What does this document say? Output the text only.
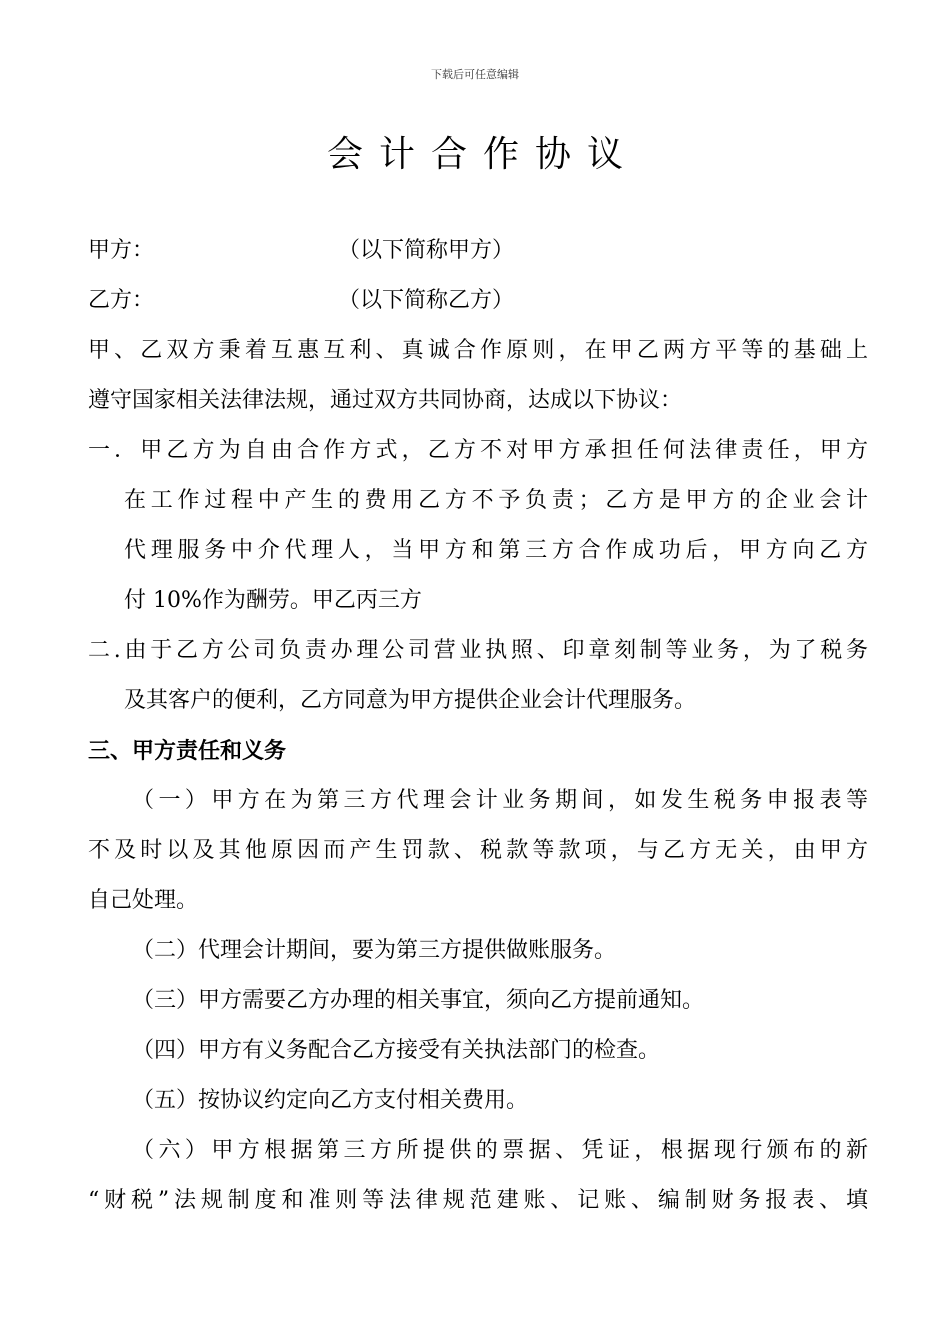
下载后可任意编辑
会计合作协议
甲方：	（以下简称甲方）
乙方：	（以下简称乙方）
甲、乙双方秉着互惠互利、真诚合作原则，在甲乙两方平等的基础上
遵守国家相关法律法规，通过双方共同协商，达成以下协议：
一．甲乙方为自由合作方式，乙方不对甲方承担任何法律责任，甲方
在工作过程中产生的费用乙方不予负责；乙方是甲方的企业会计
代理服务中介代理人，当甲方和第三方合作成功后，甲方向乙方
付 10%作为酬劳。甲乙丙三方
二.由于乙方公司负责办理公司营业执照、印章刻制等业务，为了税务
及其客户的便利，乙方同意为甲方提供企业会计代理服务。
三、甲方责任和义务
（一）甲方在为第三方代理会计业务期间，如发生税务申报表等
不及时以及其他原因而产生罚款、税款等款项，与乙方无关，由甲方
自己处理。
（二）代理会计期间，要为第三方提供做账服务。
（三）甲方需要乙方办理的相关事宜，须向乙方提前通知。
（四）甲方有义务配合乙方接受有关执法部门的检查。
（五）按协议约定向乙方支付相关费用。
（六）甲方根据第三方所提供的票据、凭证，根据现行颁布的新
“财税”法规制度和准则等法律规范建账、记账、编制财务报表、填
